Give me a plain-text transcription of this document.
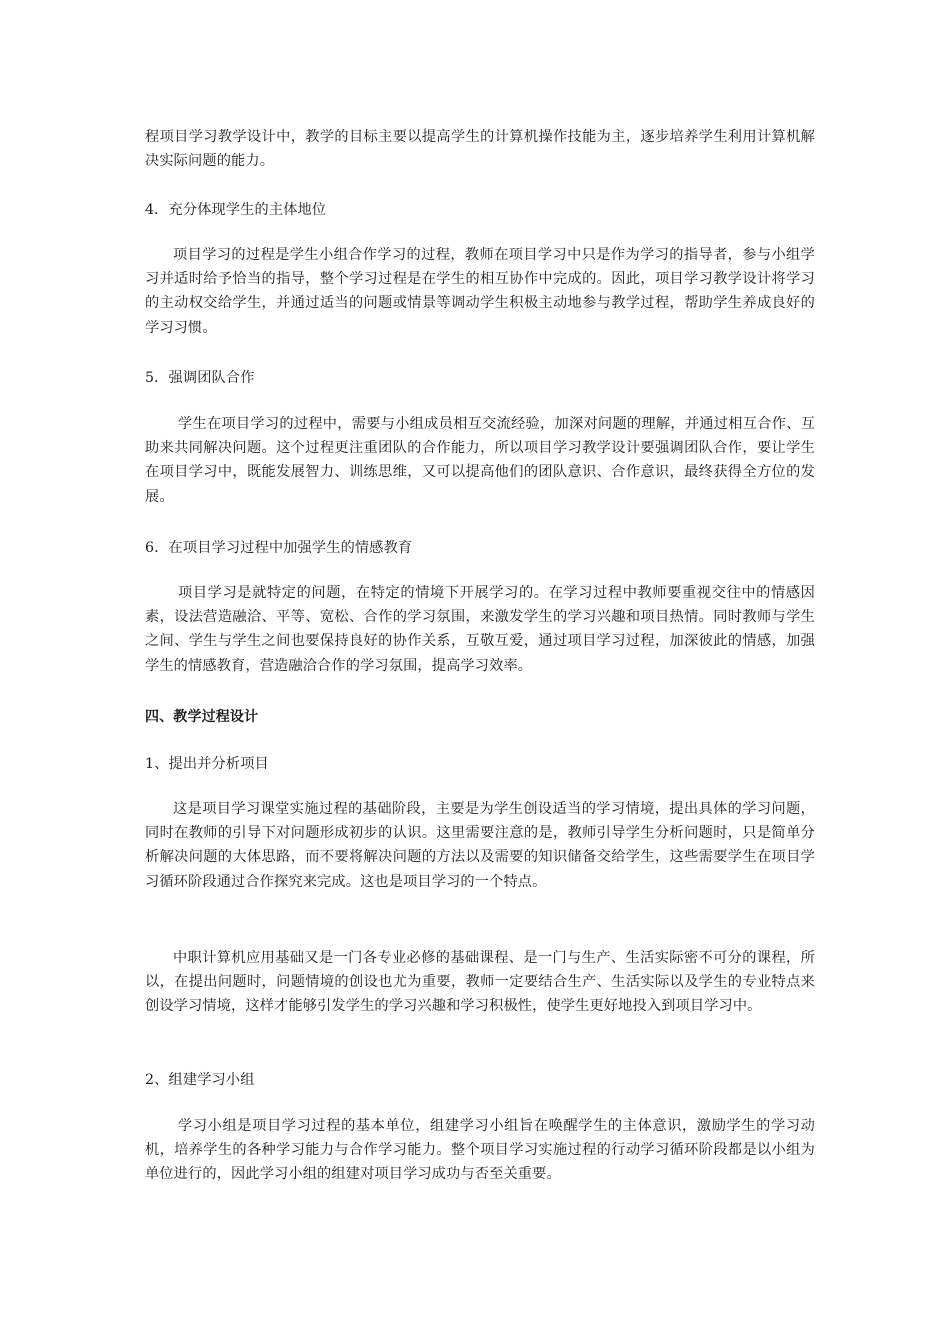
程项目学习教学设计中，教学的目标主要以提高学生的计算机操作技能为主，逐步培养学生利用计算机解决实际问题的能力。

4．充分体现学生的主体地位

项目学习的过程是学生小组合作学习的过程，教师在项目学习中只是作为学习的指导者，参与小组学习并适时给予恰当的指导，整个学习过程是在学生的相互协作中完成的。因此，项目学习教学设计将学习的主动权交给学生，并通过适当的问题或情景等调动学生积极主动地参与教学过程，帮助学生养成良好的学习习惯。

5．强调团队合作

学生在项目学习的过程中，需要与小组成员相互交流经验，加深对问题的理解，并通过相互合作、互助来共同解决问题。这个过程更注重团队的合作能力，所以项目学习教学设计要强调团队合作，要让学生在项目学习中，既能发展智力、训练思维，又可以提高他们的团队意识、合作意识，最终获得全方位的发展。

6．在项目学习过程中加强学生的情感教育

项目学习是就特定的问题，在特定的情境下开展学习的。在学习过程中教师要重视交往中的情感因素，设法营造融洽、平等、宽松、合作的学习氛围，来激发学生的学习兴趣和项目热情。同时教师与学生之间、学生与学生之间也要保持良好的协作关系，互敬互爱，通过项目学习过程，加深彼此的情感，加强学生的情感教育，营造融洽合作的学习氛围，提高学习效率。

四、教学过程设计

1、提出并分析项目

这是项目学习课堂实施过程的基础阶段，主要是为学生创设适当的学习情境，提出具体的学习问题，同时在教师的引导下对问题形成初步的认识。这里需要注意的是，教师引导学生分析问题时，只是简单分析解决问题的大体思路，而不要将解决问题的方法以及需要的知识储备交给学生，这些需要学生在项目学习循环阶段通过合作探究来完成。这也是项目学习的一个特点。

中职计算机应用基础又是一门各专业必修的基础课程、是一门与生产、生活实际密不可分的课程，所以，在提出问题时，问题情境的创设也尤为重要，教师一定要结合生产、生活实际以及学生的专业特点来创设学习情境，这样才能够引发学生的学习兴趣和学习积极性，使学生更好地投入到项目学习中。

2、组建学习小组

学习小组是项目学习过程的基本单位，组建学习小组旨在唤醒学生的主体意识，激励学生的学习动机，培养学生的各种学习能力与合作学习能力。整个项目学习实施过程的行动学习循环阶段都是以小组为单位进行的，因此学习小组的组建对项目学习成功与否至关重要。
